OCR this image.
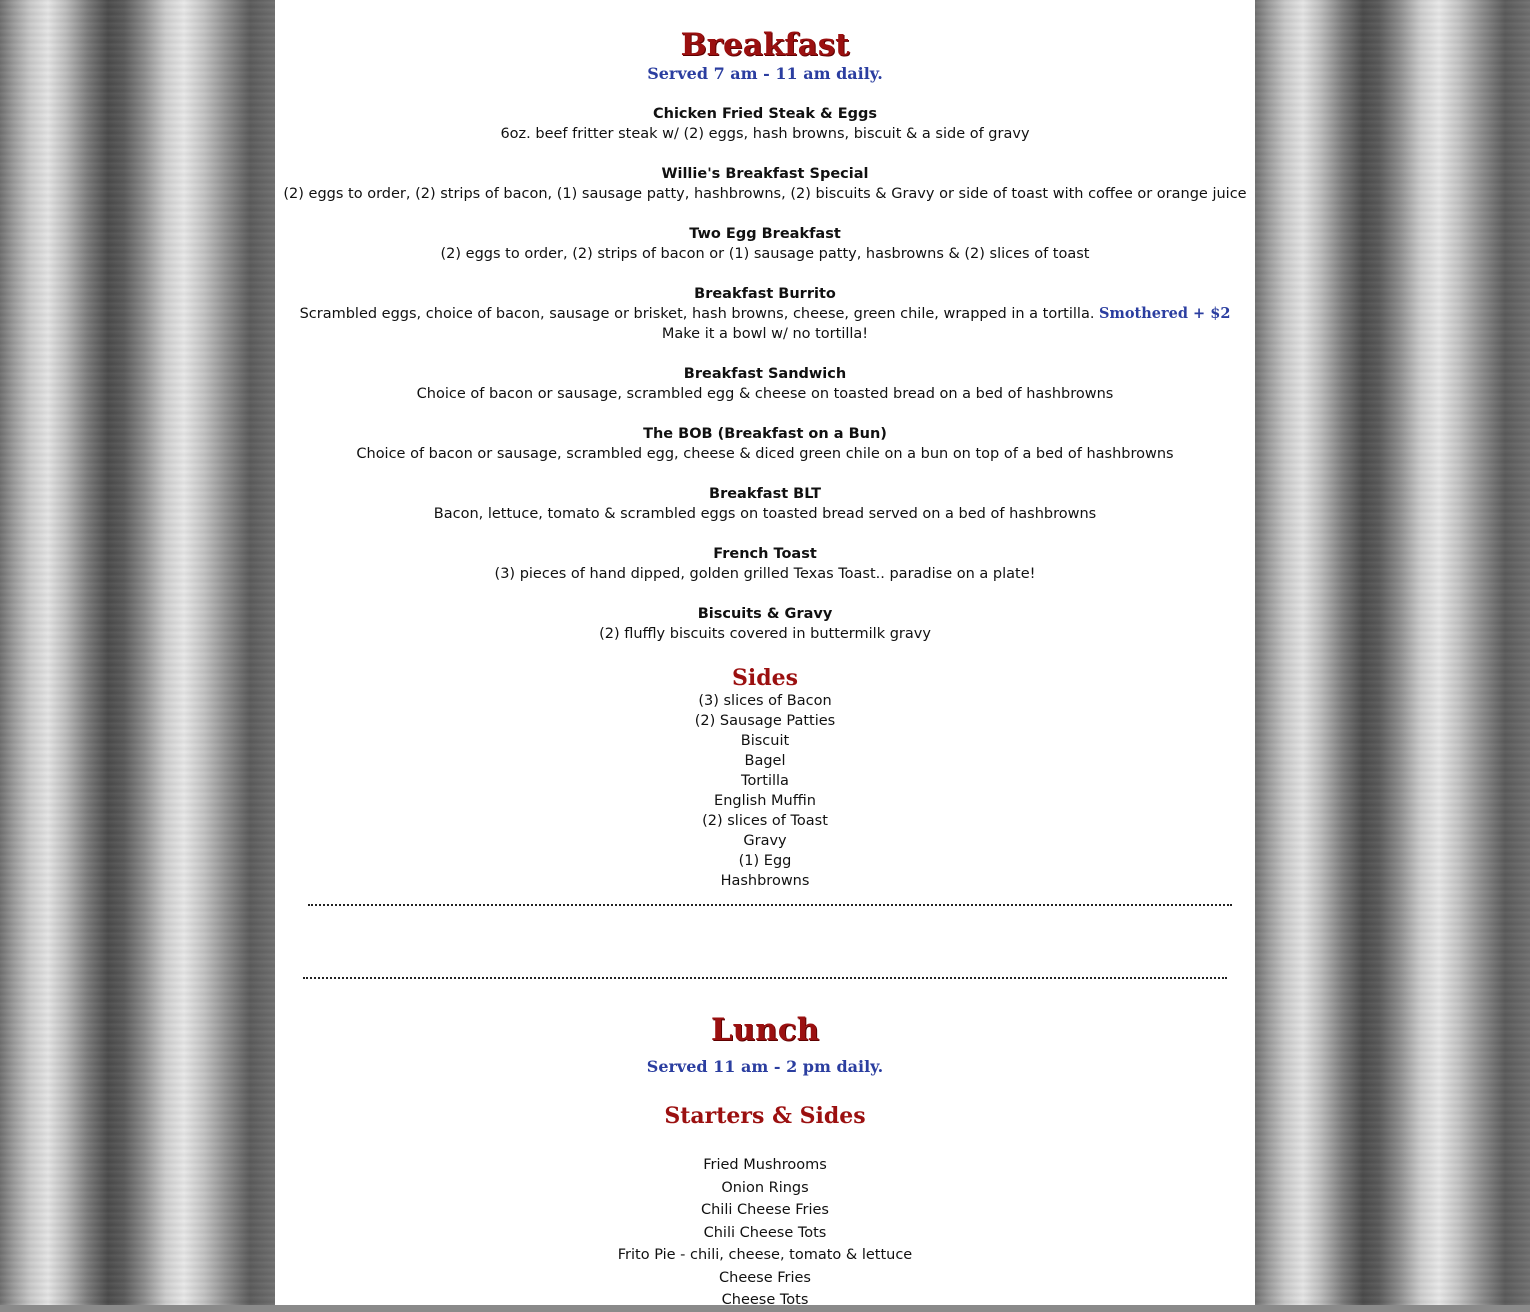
Breakfast
Served 7 am - 11 am daily.
Chicken Fried Steak & Eggs
6oz. beef fritter steak w/ (2) eggs, hash browns, biscuit & a side of gravy
Willie's Breakfast Special
(2) eggs to order, (2) strips of bacon, (1) sausage patty, hashbrowns, (2) biscuits & Gravy or side of toast with coffee or orange juice
Two Egg Breakfast
(2) eggs to order, (2) strips of bacon or (1) sausage patty, hasbrowns & (2) slices of toast
Breakfast Burrito
Scrambled eggs, choice of bacon, sausage or brisket, hash browns, cheese, green chile, wrapped in a tortilla. Smothered + $2
Make it a bowl w/ no tortilla!
Breakfast Sandwich
Choice of bacon or sausage, scrambled egg & cheese on toasted bread on a bed of hashbrowns
The BOB (Breakfast on a Bun)
Choice of bacon or sausage, scrambled egg, cheese & diced green chile on a bun on top of a bed of hashbrowns
Breakfast BLT
Bacon, lettuce, tomato & scrambled eggs on toasted bread served on a bed of hashbrowns
French Toast
(3) pieces of hand dipped, golden grilled Texas Toast.. paradise on a plate!
Biscuits & Gravy
(2) fluffly biscuits covered in buttermilk gravy
Sides
(3) slices of Bacon
(2) Sausage Patties
Biscuit
Bagel
Tortilla
English Muffin
(2) slices of Toast
Gravy
(1) Egg
Hashbrowns
Lunch
Served 11 am - 2 pm daily.
Starters & Sides
Fried Mushrooms
Onion Rings
Chili Cheese Fries
Chili Cheese Tots
Frito Pie - chili, cheese, tomato & lettuce
Cheese Fries
Cheese Tots
